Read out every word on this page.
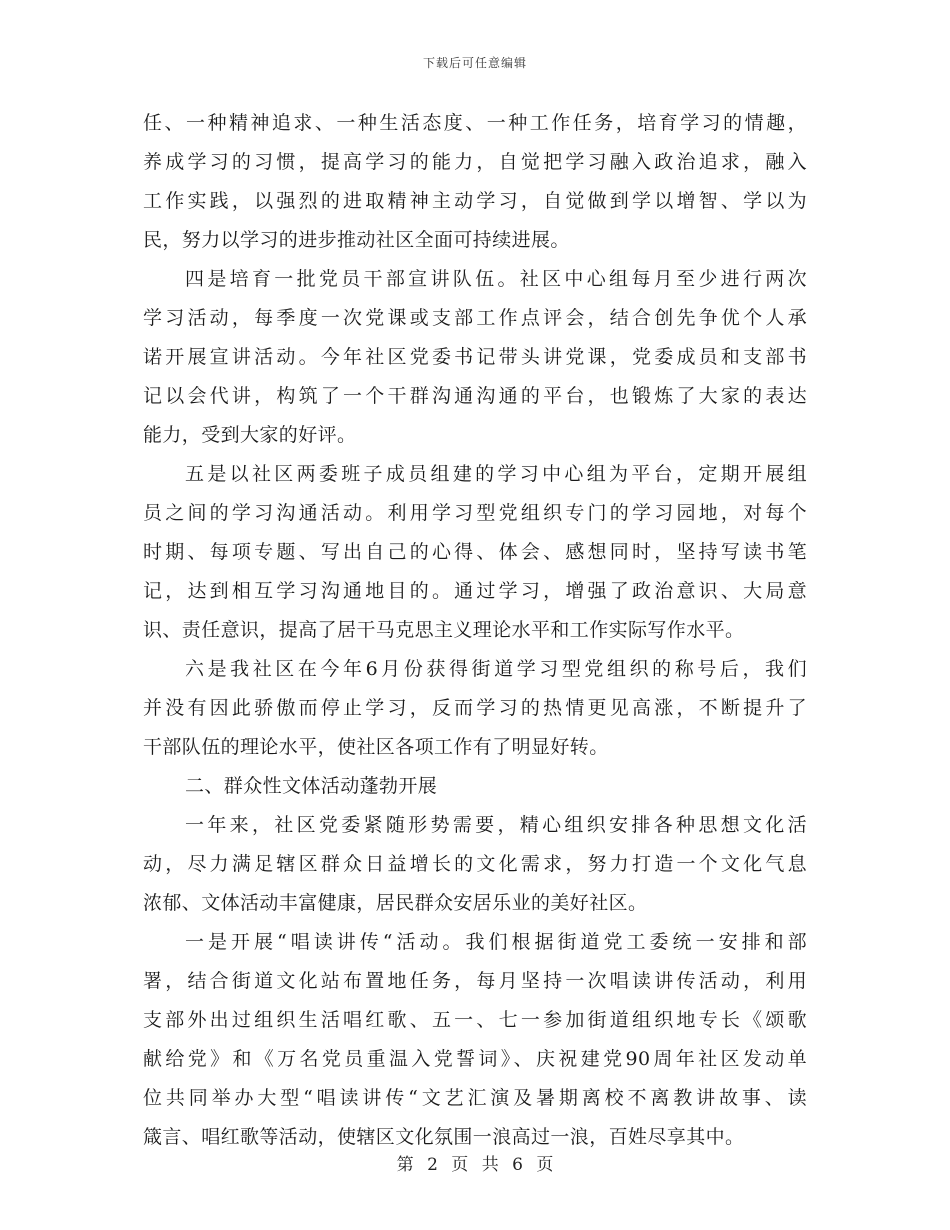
下载后可任意编辑
任、一种精神追求、一种生活态度、一种工作任务，培育学习的情趣，
养成学习的习惯，提高学习的能力，自觉把学习融入政治追求，融入
工作实践，以强烈的进取精神主动学习，自觉做到学以增智、学以为
民，努力以学习的进步推动社区全面可持续进展。
四是培育一批党员干部宣讲队伍。社区中心组每月至少进行两次
学习活动，每季度一次党课或支部工作点评会，结合创先争优个人承
诺开展宣讲活动。今年社区党委书记带头讲党课，党委成员和支部书
记以会代讲，构筑了一个干群沟通沟通的平台，也锻炼了大家的表达
能力，受到大家的好评。
五是以社区两委班子成员组建的学习中心组为平台，定期开展组
员之间的学习沟通活动。利用学习型党组织专门的学习园地，对每个
时期、每项专题、写出自己的心得、体会、感想同时，坚持写读书笔
记，达到相互学习沟通地目的。通过学习，增强了政治意识、大局意
识、责任意识，提高了居干马克思主义理论水平和工作实际写作水平。
六是我社区在今年6月份获得街道学习型党组织的称号后，我们
并没有因此骄傲而停止学习，反而学习的热情更见高涨，不断提升了
干部队伍的理论水平，使社区各项工作有了明显好转。
二、群众性文体活动蓬勃开展
一年来，社区党委紧随形势需要，精心组织安排各种思想文化活
动，尽力满足辖区群众日益增长的文化需求，努力打造一个文化气息
浓郁、文体活动丰富健康，居民群众安居乐业的美好社区。
一是开展“唱读讲传“活动。我们根据街道党工委统一安排和部
署，结合街道文化站布置地任务，每月坚持一次唱读讲传活动，利用
支部外出过组织生活唱红歌、五一、七一参加街道组织地专长《颂歌
献给党》和《万名党员重温入党誓词》、庆祝建党90周年社区发动单
位共同举办大型“唱读讲传“文艺汇演及暑期离校不离教讲故事、读
箴言、唱红歌等活动，使辖区文化氛围一浪高过一浪，百姓尽享其中。
第 2 页 共 6 页
